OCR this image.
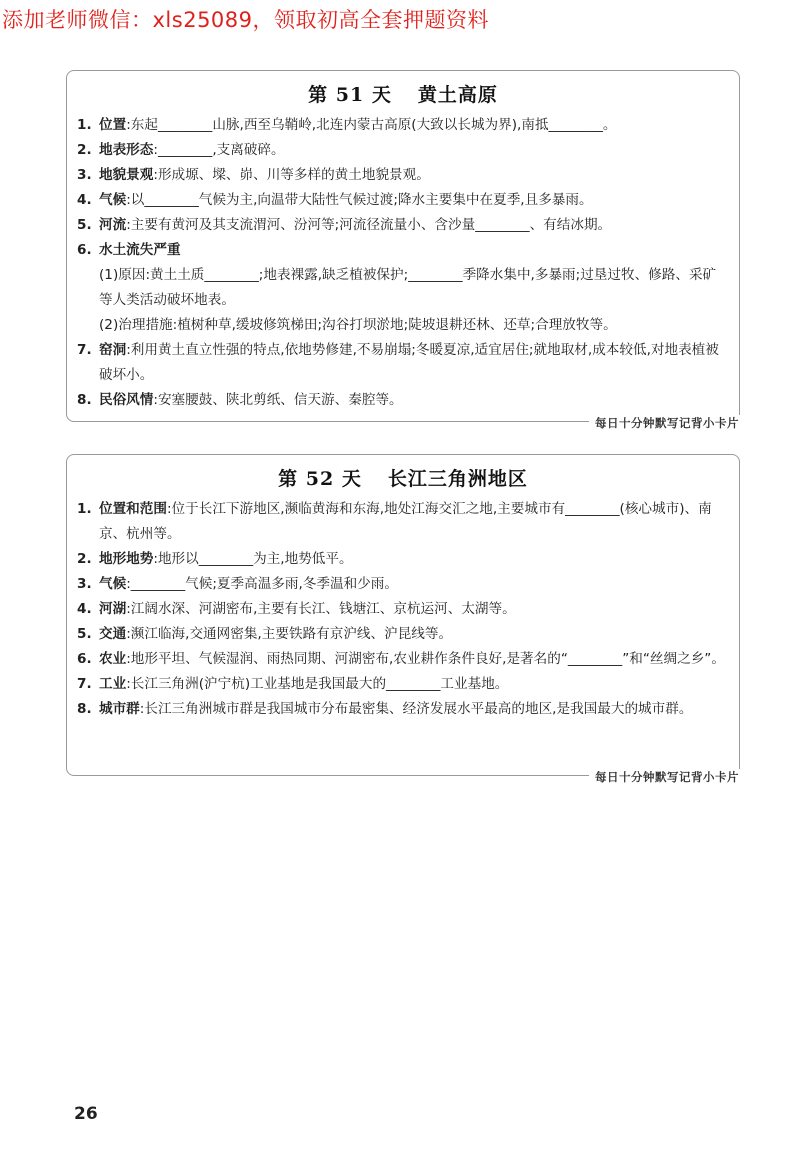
添加老师微信：xls25089，领取初高全套押题资料
第 51 天 黄土高原
1. 位置:东起________山脉,西至乌鞘岭,北连内蒙古高原(大致以长城为界),南抵________。
2. 地表形态:________,支离破碎。
3. 地貌景观:形成塬、墚、峁、川等多样的黄土地貌景观。
4. 气候:以________气候为主,向温带大陆性气候过渡;降水主要集中在夏季,且多暴雨。
5. 河流:主要有黄河及其支流渭河、汾河等;河流径流量小、含沙量________、有结冰期。
6. 水土流失严重
(1)原因:黄土土质________;地表裸露,缺乏植被保护;________季降水集中,多暴雨;过垦过牧、修路、采矿等人类活动破坏地表。
(2)治理措施:植树种草,缓坡修筑梯田;沟谷打坝淤地;陡坡退耕还林、还草;合理放牧等。
7. 窑洞:利用黄土直立性强的特点,依地势修建,不易崩塌;冬暖夏凉,适宜居住;就地取材,成本较低,对地表植被破坏小。
8. 民俗风情:安塞腰鼓、陕北剪纸、信天游、秦腔等。
每日十分钟默写记背小卡片
第 52 天 长江三角洲地区
1. 位置和范围:位于长江下游地区,濒临黄海和东海,地处江海交汇之地,主要城市有________(核心城市)、南京、杭州等。
2. 地形地势:地形以________为主,地势低平。
3. 气候:________气候;夏季高温多雨,冬季温和少雨。
4. 河湖:江阔水深、河湖密布,主要有长江、钱塘江、京杭运河、太湖等。
5. 交通:濒江临海,交通网密集,主要铁路有京沪线、沪昆线等。
6. 农业:地形平坦、气候湿润、雨热同期、河湖密布,农业耕作条件良好,是著名的“________”和“丝绸之乡”。
7. 工业:长江三角洲(沪宁杭)工业基地是我国最大的________工业基地。
8. 城市群:长江三角洲城市群是我国城市分布最密集、经济发展水平最高的地区,是我国最大的城市群。
每日十分钟默写记背小卡片
26
